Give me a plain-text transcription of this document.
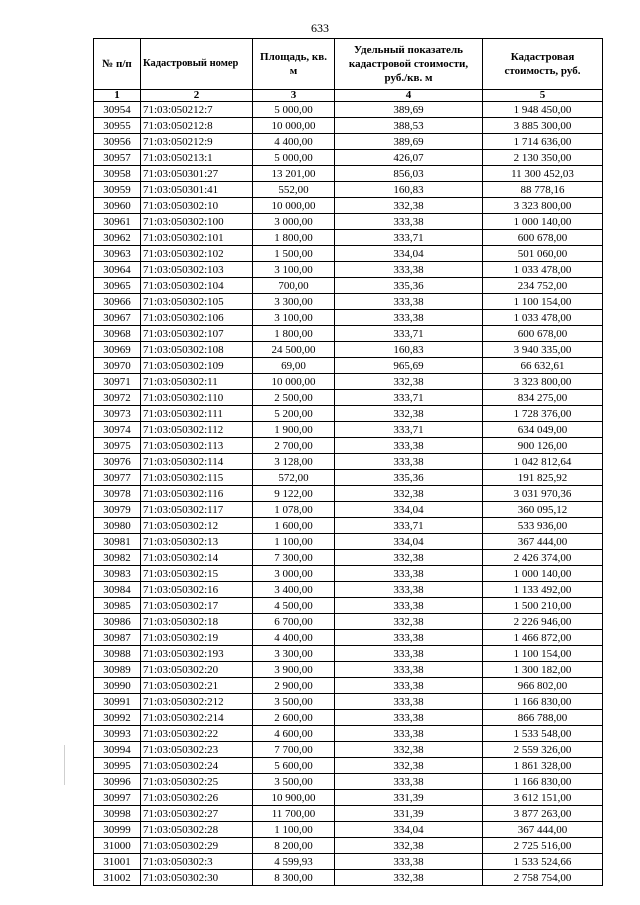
633
№ п/п	Кадастровый номер	Площадь, кв. м	Удельный показатель кадастровой стоимости, руб./кв. м	Кадастровая стоимость, руб.
1	2	3	4	5
30954	71:03:050212:7	5 000,00	389,69	1 948 450,00
30955	71:03:050212:8	10 000,00	388,53	3 885 300,00
30956	71:03:050212:9	4 400,00	389,69	1 714 636,00
30957	71:03:050213:1	5 000,00	426,07	2 130 350,00
30958	71:03:050301:27	13 201,00	856,03	11 300 452,03
30959	71:03:050301:41	552,00	160,83	88 778,16
30960	71:03:050302:10	10 000,00	332,38	3 323 800,00
30961	71:03:050302:100	3 000,00	333,38	1 000 140,00
30962	71:03:050302:101	1 800,00	333,71	600 678,00
30963	71:03:050302:102	1 500,00	334,04	501 060,00
30964	71:03:050302:103	3 100,00	333,38	1 033 478,00
30965	71:03:050302:104	700,00	335,36	234 752,00
30966	71:03:050302:105	3 300,00	333,38	1 100 154,00
30967	71:03:050302:106	3 100,00	333,38	1 033 478,00
30968	71:03:050302:107	1 800,00	333,71	600 678,00
30969	71:03:050302:108	24 500,00	160,83	3 940 335,00
30970	71:03:050302:109	69,00	965,69	66 632,61
30971	71:03:050302:11	10 000,00	332,38	3 323 800,00
30972	71:03:050302:110	2 500,00	333,71	834 275,00
30973	71:03:050302:111	5 200,00	332,38	1 728 376,00
30974	71:03:050302:112	1 900,00	333,71	634 049,00
30975	71:03:050302:113	2 700,00	333,38	900 126,00
30976	71:03:050302:114	3 128,00	333,38	1 042 812,64
30977	71:03:050302:115	572,00	335,36	191 825,92
30978	71:03:050302:116	9 122,00	332,38	3 031 970,36
30979	71:03:050302:117	1 078,00	334,04	360 095,12
30980	71:03:050302:12	1 600,00	333,71	533 936,00
30981	71:03:050302:13	1 100,00	334,04	367 444,00
30982	71:03:050302:14	7 300,00	332,38	2 426 374,00
30983	71:03:050302:15	3 000,00	333,38	1 000 140,00
30984	71:03:050302:16	3 400,00	333,38	1 133 492,00
30985	71:03:050302:17	4 500,00	333,38	1 500 210,00
30986	71:03:050302:18	6 700,00	332,38	2 226 946,00
30987	71:03:050302:19	4 400,00	333,38	1 466 872,00
30988	71:03:050302:193	3 300,00	333,38	1 100 154,00
30989	71:03:050302:20	3 900,00	333,38	1 300 182,00
30990	71:03:050302:21	2 900,00	333,38	966 802,00
30991	71:03:050302:212	3 500,00	333,38	1 166 830,00
30992	71:03:050302:214	2 600,00	333,38	866 788,00
30993	71:03:050302:22	4 600,00	333,38	1 533 548,00
30994	71:03:050302:23	7 700,00	332,38	2 559 326,00
30995	71:03:050302:24	5 600,00	332,38	1 861 328,00
30996	71:03:050302:25	3 500,00	333,38	1 166 830,00
30997	71:03:050302:26	10 900,00	331,39	3 612 151,00
30998	71:03:050302:27	11 700,00	331,39	3 877 263,00
30999	71:03:050302:28	1 100,00	334,04	367 444,00
31000	71:03:050302:29	8 200,00	332,38	2 725 516,00
31001	71:03:050302:3	4 599,93	333,38	1 533 524,66
31002	71:03:050302:30	8 300,00	332,38	2 758 754,00
